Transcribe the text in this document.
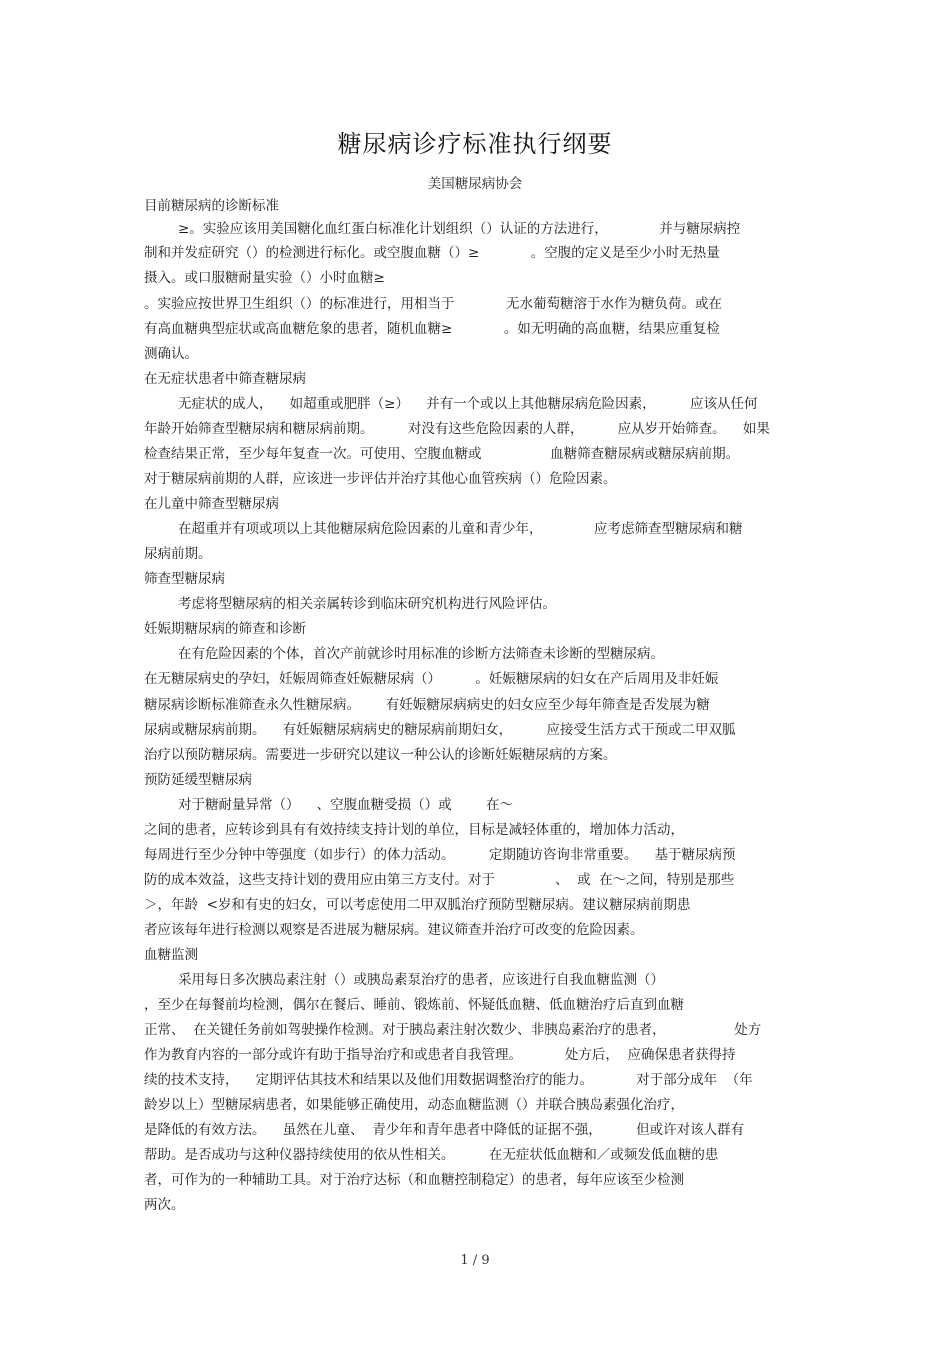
糖尿病诊疗标准执行纲要
美国糖尿病协会
目前糖尿病的诊断标准
≥。实验应该用美国糖化血红蛋白标准化计划组织（）认证的方法进行，            并与糖尿病控
制和并发症研究（）的检测进行标化。或空腹血糖（）≥            。空腹的定义是至少小时无热量
摄入。或口服糖耐量实验（）小时血糖≥
。实验应按世界卫生组织（）的标准进行，用相当于            无水葡萄糖溶于水作为糖负荷。或在
有高血糖典型症状或高血糖危象的患者，随机血糖≥            。如无明确的高血糖，结果应重复检
测确认。
在无症状患者中筛查糖尿病
无症状的成人，    如超重或肥胖（≥）    并有一个或以上其他糖尿病危险因素，        应该从任何
年龄开始筛查型糖尿病和糖尿病前期。        对没有这些危险因素的人群，        应从岁开始筛查。    如果
检查结果正常，至少每年复查一次。可使用、空腹血糖或                血糖筛查糖尿病或糖尿病前期。
对于糖尿病前期的人群，应该进一步评估并治疗其他心血管疾病（）危险因素。
在儿童中筛查型糖尿病
在超重并有项或项以上其他糖尿病危险因素的儿童和青少年，            应考虑筛查型糖尿病和糖
尿病前期。
筛查型糖尿病
考虑将型糖尿病的相关亲属转诊到临床研究机构进行风险评估。
妊娠期糖尿病的筛查和诊断
在有危险因素的个体，首次产前就诊时用标准的诊断方法筛查未诊断的型糖尿病。
在无糖尿病史的孕妇，妊娠周筛查妊娠糖尿病（）        。妊娠糖尿病的妇女在产后周用及非妊娠
糖尿病诊断标准筛查永久性糖尿病。      有妊娠糖尿病病史的妇女应至少每年筛查是否发展为糖
尿病或糖尿病前期。    有妊娠糖尿病病史的糖尿病前期妇女，        应接受生活方式干预或二甲双胍
治疗以预防糖尿病。需要进一步研究以建议一种公认的诊断妊娠糖尿病的方案。
预防延缓型糖尿病
对于糖耐量异常（）    、空腹血糖受损（）或        在～
之间的患者，应转诊到具有有效持续支持计划的单位，目标是减轻体重的，增加体力活动，
每周进行至少分钟中等强度（如步行）的体力活动。        定期随访咨询非常重要。    基于糖尿病预
防的成本效益，这些支持计划的费用应由第三方支付。对于              、  或  在～之间，特别是那些
＞，年龄  <岁和有史的妇女，可以考虑使用二甲双胍治疗预防型糖尿病。建议糖尿病前期患
者应该每年进行检测以观察是否进展为糖尿病。建议筛查并治疗可改变的危险因素。
血糖监测
采用每日多次胰岛素注射（）或胰岛素泵治疗的患者，应该进行自我血糖监测（）
，至少在每餐前均检测，偶尔在餐后、睡前、锻炼前、怀疑低血糖、低血糖治疗后直到血糖
正常、  在关键任务前如驾驶操作检测。对于胰岛素注射次数少、非胰岛素治疗的患者，                处方
作为教育内容的一部分或许有助于指导治疗和或患者自我管理。          处方后，  应确保患者获得持
续的技术支持，    定期评估其技术和结果以及他们用数据调整治疗的能力。          对于部分成年  （年
龄岁以上）型糖尿病患者，如果能够正确使用，动态血糖监测（）并联合胰岛素强化治疗，
是降低的有效方法。    虽然在儿童、  青少年和青年患者中降低的证据不强，        但或许对该人群有
帮助。是否成功与这种仪器持续使用的依从性相关。        在无症状低血糖和／或频发低血糖的患
者，可作为的一种辅助工具。对于治疗达标（和血糖控制稳定）的患者，每年应该至少检测
两次。
1 / 9
